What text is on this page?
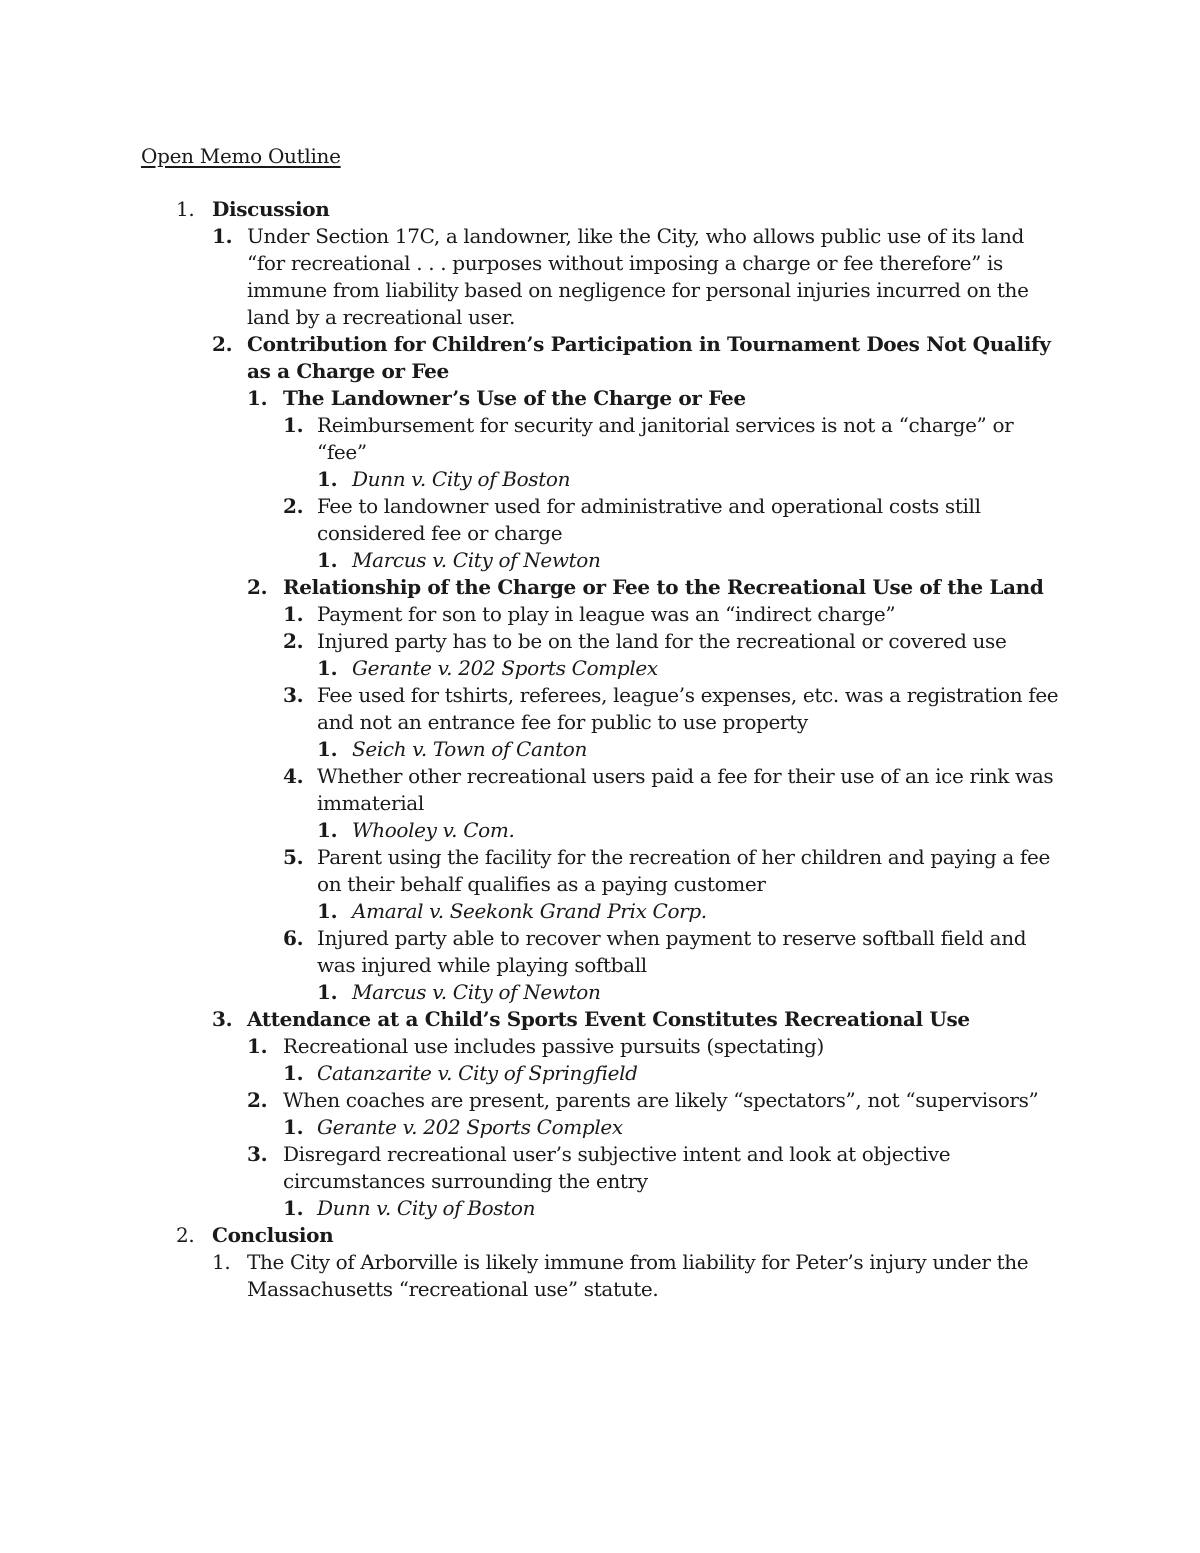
Open Memo Outline
1. Discussion
1. Under Section 17C, a landowner, like the City, who allows public use of its land “for recreational . . . purposes without imposing a charge or fee therefore” is immune from liability based on negligence for personal injuries incurred on the land by a recreational user.
2. Contribution for Children’s Participation in Tournament Does Not Qualify as a Charge or Fee
1. The Landowner’s Use of the Charge or Fee
1. Reimbursement for security and janitorial services is not a “charge” or “fee”
1. Dunn v. City of Boston
2. Fee to landowner used for administrative and operational costs still considered fee or charge
1. Marcus v. City of Newton
2. Relationship of the Charge or Fee to the Recreational Use of the Land
1. Payment for son to play in league was an “indirect charge”
2. Injured party has to be on the land for the recreational or covered use
1. Gerante v. 202 Sports Complex
3. Fee used for tshirts, referees, league’s expenses, etc. was a registration fee and not an entrance fee for public to use property
1. Seich v. Town of Canton
4. Whether other recreational users paid a fee for their use of an ice rink was immaterial
1. Whooley v. Com.
5. Parent using the facility for the recreation of her children and paying a fee on their behalf qualifies as a paying customer
1. Amaral v. Seekonk Grand Prix Corp.
6. Injured party able to recover when payment to reserve softball field and was injured while playing softball
1. Marcus v. City of Newton
3. Attendance at a Child’s Sports Event Constitutes Recreational Use
1. Recreational use includes passive pursuits (spectating)
1. Catanzarite v. City of Springfield
2. When coaches are present, parents are likely “spectators”, not “supervisors”
1. Gerante v. 202 Sports Complex
3. Disregard recreational user’s subjective intent and look at objective circumstances surrounding the entry
1. Dunn v. City of Boston
2. Conclusion
1. The City of Arborville is likely immune from liability for Peter’s injury under the Massachusetts “recreational use” statute.
